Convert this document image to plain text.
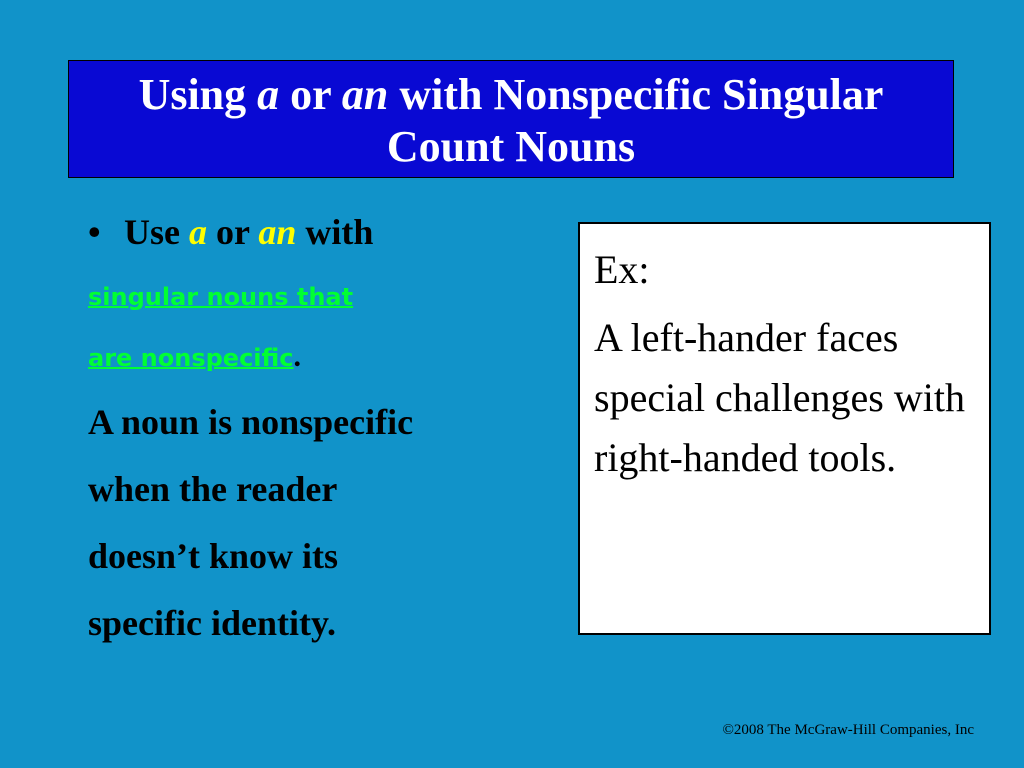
Using a or an with Nonspecific Singular
Count Nouns
• Use a or an with
singular nouns that
are nonspecific.
A noun is nonspecific
when the reader
doesn’t know its
specific identity.
Ex:
A left-hander faces special challenges with right-handed tools.
©2008 The McGraw-Hill Companies, Inc
